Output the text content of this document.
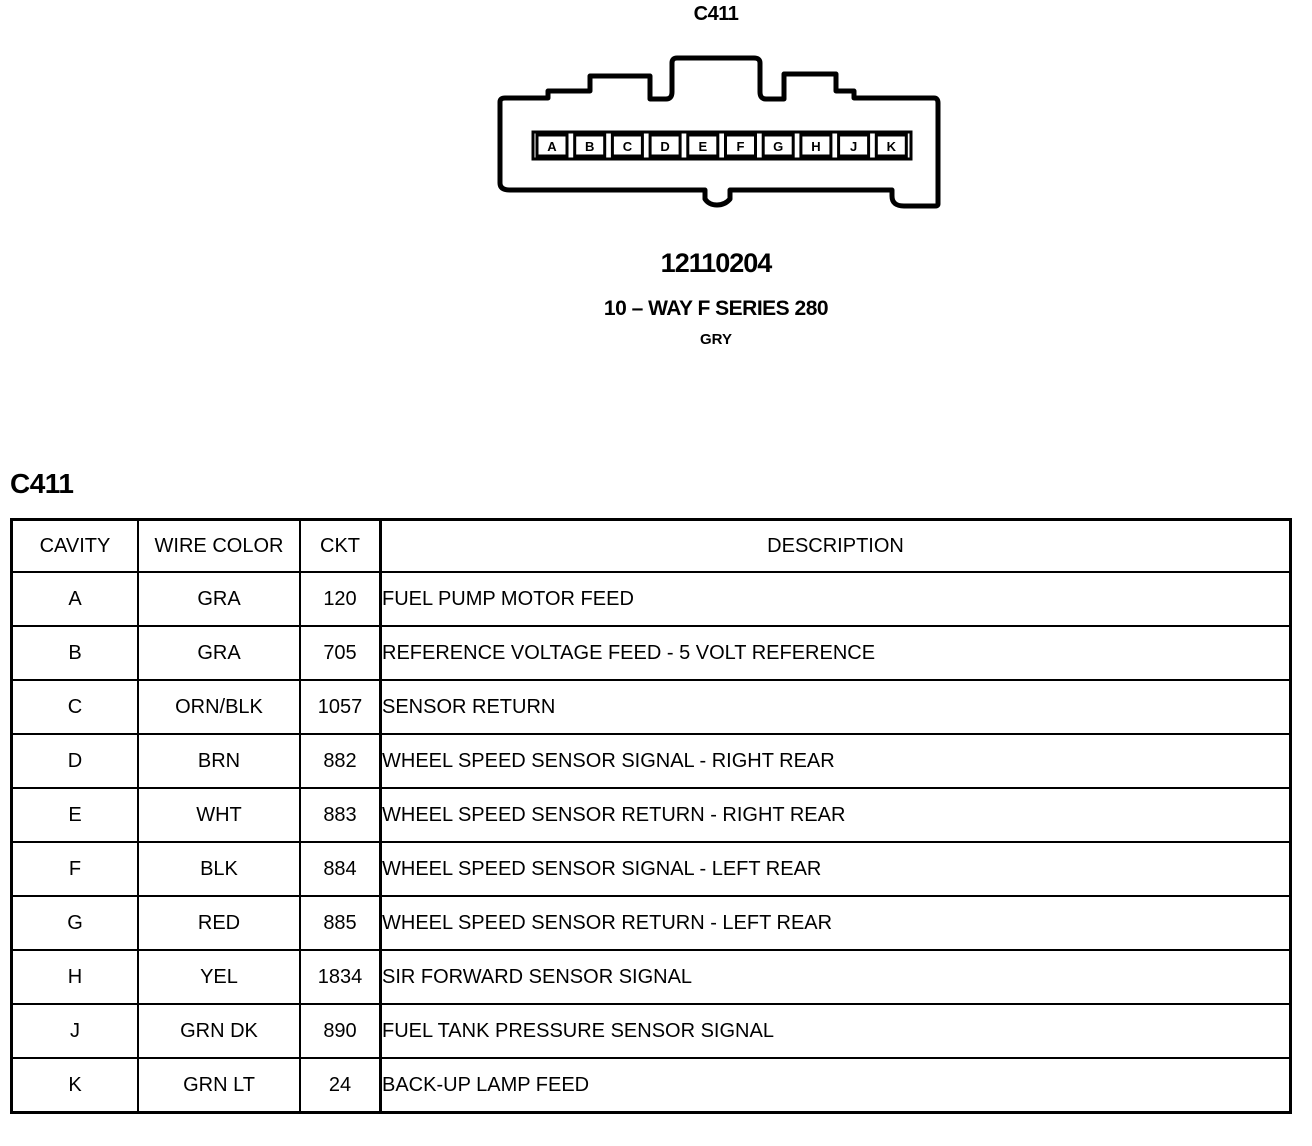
C411
A B C D E F G H J K
12110204
10 – WAY F SERIES 280
GRY
C411
CAVITY	WIRE COLOR	CKT	DESCRIPTION
A	GRA	120	FUEL PUMP MOTOR FEED
B	GRA	705	REFERENCE VOLTAGE FEED - 5 VOLT REFERENCE
C	ORN/BLK	1057	SENSOR RETURN
D	BRN	882	WHEEL SPEED SENSOR SIGNAL - RIGHT REAR
E	WHT	883	WHEEL SPEED SENSOR RETURN - RIGHT REAR
F	BLK	884	WHEEL SPEED SENSOR SIGNAL - LEFT REAR
G	RED	885	WHEEL SPEED SENSOR RETURN - LEFT REAR
H	YEL	1834	SIR FORWARD SENSOR SIGNAL
J	GRN DK	890	FUEL TANK PRESSURE SENSOR SIGNAL
K	GRN LT	24	BACK-UP LAMP FEED
